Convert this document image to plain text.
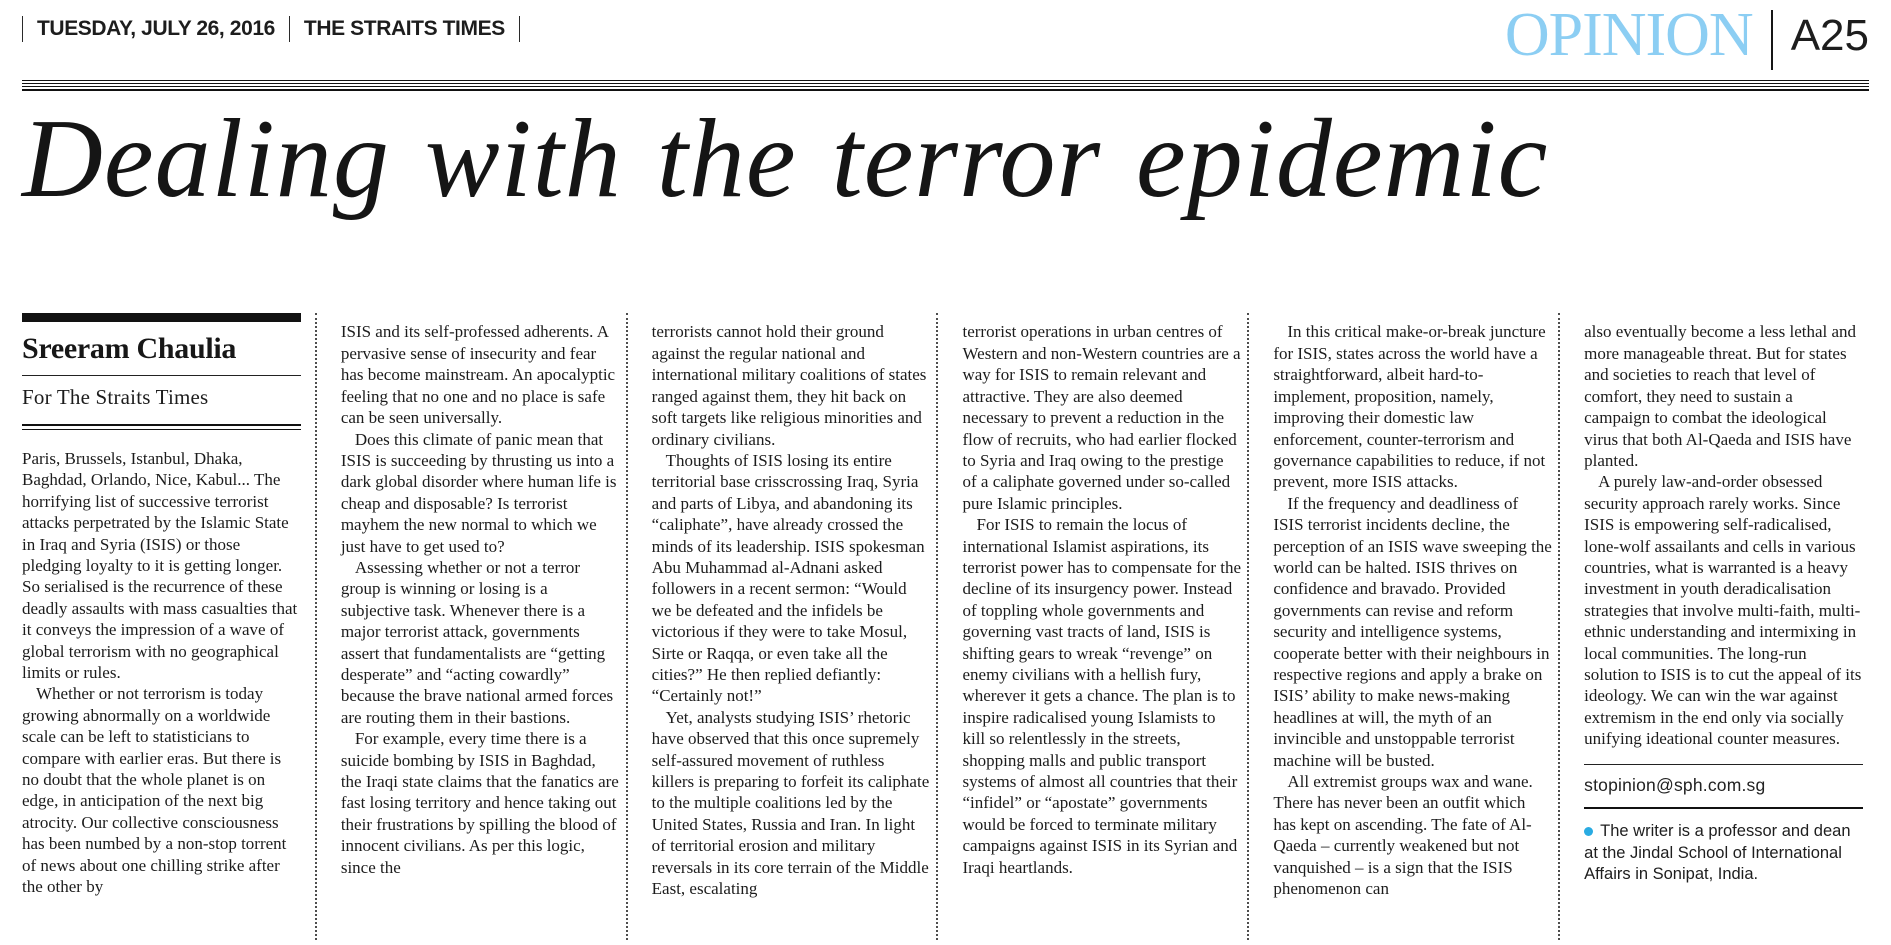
TUESDAY, JULY 26, 2016 THE STRAITS TIMES	OPINION A25
Dealing with the terror epidemic
Sreeram Chaulia
For The Straits Times

Paris, Brussels, Istanbul, Dhaka, Baghdad, Orlando, Nice, Kabul... The horrifying list of successive terrorist attacks perpetrated by the Islamic State in Iraq and Syria (ISIS) or those pledging loyalty to it is getting longer. So serialised is the recurrence of these deadly assaults with mass casualties that it conveys the impression of a wave of global terrorism with no geographical limits or rules.

Whether or not terrorism is today growing abnormally on a worldwide scale can be left to statisticians to compare with earlier eras. But there is no doubt that the whole planet is on edge, in anticipation of the next big atrocity. Our collective consciousness has been numbed by a non-stop torrent of news about one chilling strike after the other by

ISIS and its self-professed adherents. A pervasive sense of insecurity and fear has become mainstream. An apocalyptic feeling that no one and no place is safe can be seen universally.

Does this climate of panic mean that ISIS is succeeding by thrusting us into a dark global disorder where human life is cheap and disposable? Is terrorist mayhem the new normal to which we just have to get used to?

Assessing whether or not a terror group is winning or losing is a subjective task. Whenever there is a major terrorist attack, governments assert that fundamentalists are “getting desperate” and “acting cowardly” because the brave national armed forces are routing them in their bastions.

For example, every time there is a suicide bombing by ISIS in Baghdad, the Iraqi state claims that the fanatics are fast losing territory and hence taking out their frustrations by spilling the blood of innocent civilians. As per this logic, since the

terrorists cannot hold their ground against the regular national and international military coalitions of states ranged against them, they hit back on soft targets like religious minorities and ordinary civilians.

Thoughts of ISIS losing its entire territorial base crisscrossing Iraq, Syria and parts of Libya, and abandoning its “caliphate”, have already crossed the minds of its leadership. ISIS spokesman Abu Muhammad al-Adnani asked followers in a recent sermon: “Would we be defeated and the infidels be victorious if they were to take Mosul, Sirte or Raqqa, or even take all the cities?” He then replied defiantly: “Certainly not!”

Yet, analysts studying ISIS’ rhetoric have observed that this once supremely self-assured movement of ruthless killers is preparing to forfeit its caliphate to the multiple coalitions led by the United States, Russia and Iran. In light of territorial erosion and military reversals in its core terrain of the Middle East, escalating

terrorist operations in urban centres of Western and non-Western countries are a way for ISIS to remain relevant and attractive. They are also deemed necessary to prevent a reduction in the flow of recruits, who had earlier flocked to Syria and Iraq owing to the prestige of a caliphate governed under so-called pure Islamic principles.

For ISIS to remain the locus of international Islamist aspirations, its terrorist power has to compensate for the decline of its insurgency power. Instead of toppling whole governments and governing vast tracts of land, ISIS is shifting gears to wreak “revenge” on enemy civilians with a hellish fury, wherever it gets a chance. The plan is to inspire radicalised young Islamists to kill so relentlessly in the streets, shopping malls and public transport systems of almost all countries that their “infidel” or “apostate” governments would be forced to terminate military campaigns against ISIS in its Syrian and Iraqi heartlands.

In this critical make-or-break juncture for ISIS, states across the world have a straightforward, albeit hard-to-implement, proposition, namely, improving their domestic law enforcement, counter-terrorism and governance capabilities to reduce, if not prevent, more ISIS attacks.

If the frequency and deadliness of ISIS terrorist incidents decline, the perception of an ISIS wave sweeping the world can be halted. ISIS thrives on confidence and bravado. Provided governments can revise and reform security and intelligence systems, cooperate better with their neighbours in respective regions and apply a brake on ISIS’ ability to make news-making headlines at will, the myth of an invincible and unstoppable terrorist machine will be busted.

All extremist groups wax and wane. There has never been an outfit which has kept on ascending. The fate of Al-Qaeda – currently weakened but not vanquished – is a sign that the ISIS phenomenon can

also eventually become a less lethal and more manageable threat. But for states and societies to reach that level of comfort, they need to sustain a campaign to combat the ideological virus that both Al-Qaeda and ISIS have planted.

A purely law-and-order obsessed security approach rarely works. Since ISIS is empowering self-radicalised, lone-wolf assailants and cells in various countries, what is warranted is a heavy investment in youth deradicalisation strategies that involve multi-faith, multi-ethnic understanding and intermixing in local communities. The long-run solution to ISIS is to cut the appeal of its ideology. We can win the war against extremism in the end only via socially unifying ideational counter measures.

stopinion@sph.com.sg
The writer is a professor and dean at the Jindal School of International Affairs in Sonipat, India.
